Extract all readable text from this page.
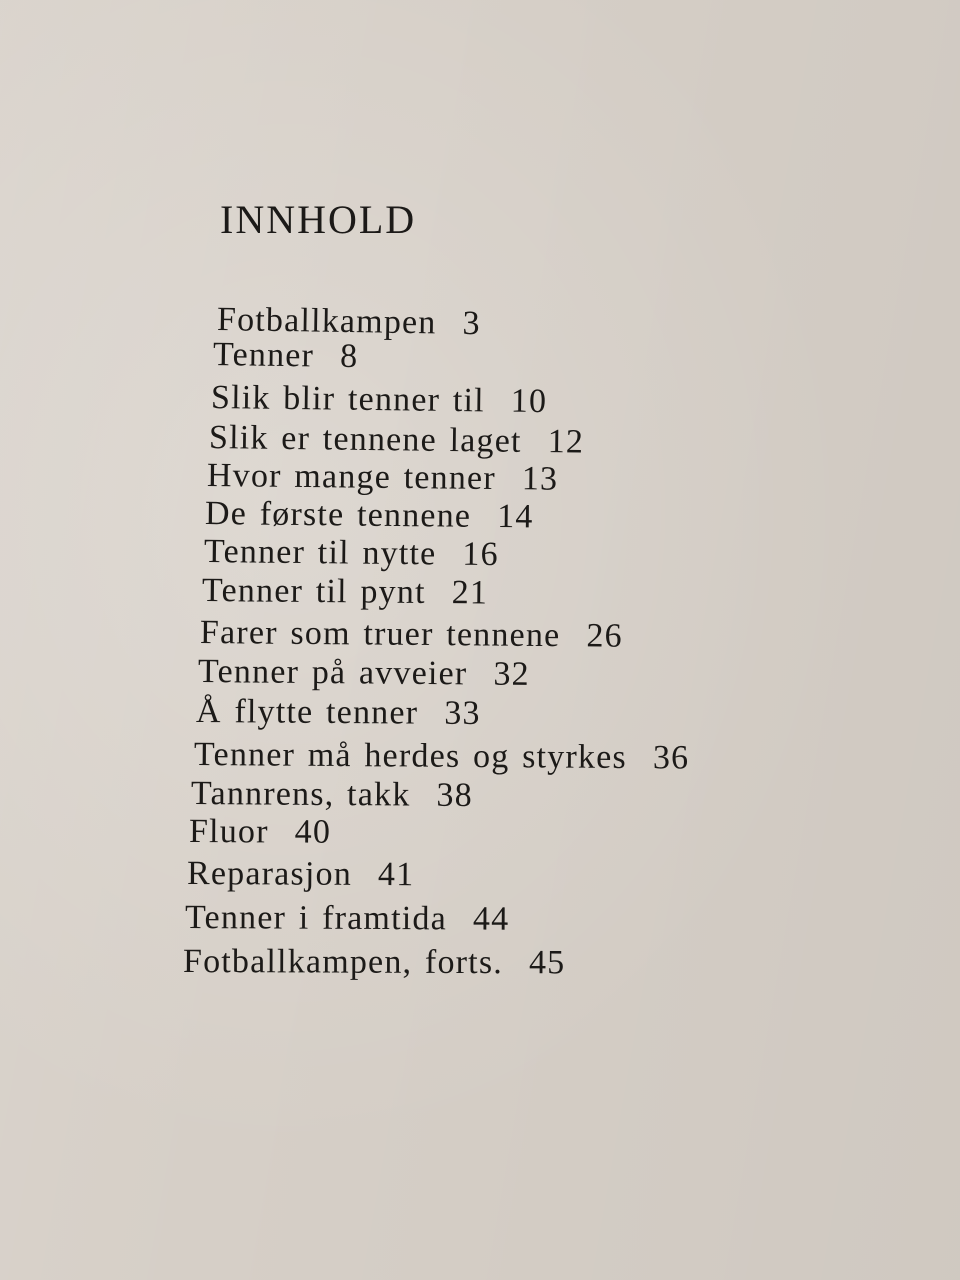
INNHOLD
Fotballkampen 3
Tenner 8
Slik blir tenner til 10
Slik er tennene laget 12
Hvor mange tenner 13
De første tennene 14
Tenner til nytte 16
Tenner til pynt 21
Farer som truer tennene 26
Tenner på avveier 32
Å flytte tenner 33
Tenner må herdes og styrkes 36
Tannrens, takk 38
Fluor 40
Reparasjon 41
Tenner i framtida 44
Fotballkampen, forts. 45
